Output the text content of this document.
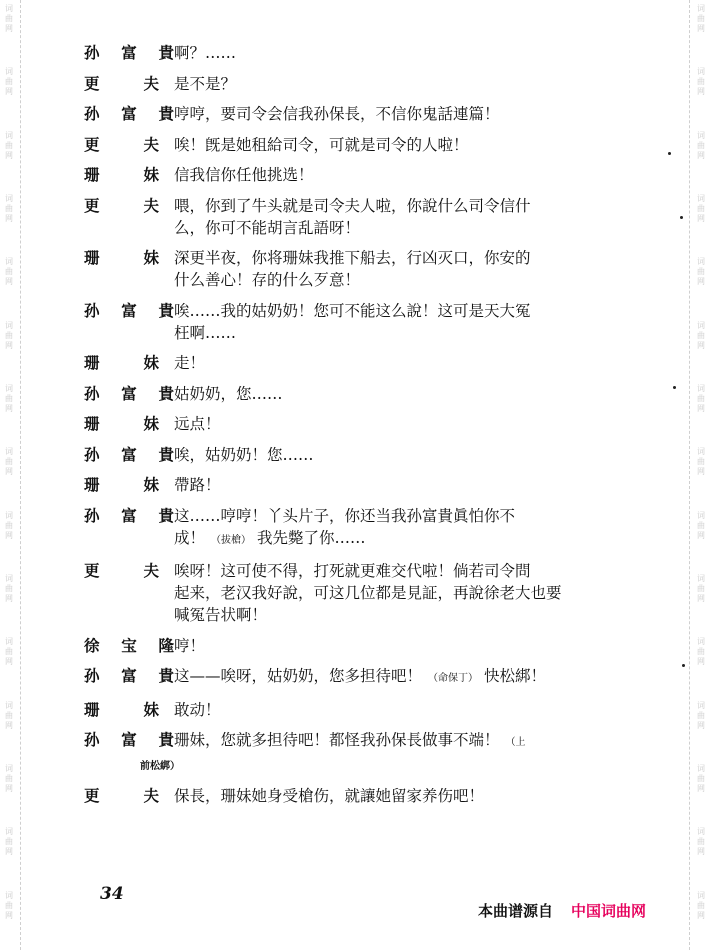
词
曲
网
词
曲
网
词
曲
网
词
曲
网
词
曲
网
词
曲
网
词
曲
网
词
曲
网
词
曲
网
词
曲
网
词
曲
网
词
曲
网
词
曲
网
词
曲
网
词
曲
网
词
曲
网
词
曲
网
词
曲
网
词
曲
网
词
曲
网
词
曲
网
词
曲
网
词
曲
网
词
曲
网
词
曲
网
词
曲
网
词
曲
网
词
曲
网
词
曲
网
词
曲
网
孙 富 貴 啊？……
更	夫 是不是？
孙 富 貴 哼哼，要司令会信我孙保長，不信你鬼話連篇！
更	夫 唉！旣是她租給司令，可就是司令的人啦！
珊	妹 信我信你任他挑选！
更	夫 喂，你到了牛头就是司令夫人啦，你說什么司令信什
么，你可不能胡言乱語呀！
珊	妹 深更半夜，你将珊妹我推下船去，行凶灭口，你安的
什么善心！存的什么歹意！
孙 富 貴 唉……我的姑奶奶！您可不能这么說！这可是天大冤
枉啊……
珊	妹 走！
孙 富 貴 姑奶奶，您……
珊	妹 远点！
孙 富 貴 唉，姑奶奶！您……
珊	妹 帶路！
孙 富 貴 这……哼哼！丫头片子，你还当我孙富貴眞怕你不
成！ （拔槍） 我先斃了你……
更	夫 唉呀！这可使不得，打死就更难交代啦！倘若司令問
起来，老汉我好說，可这几位都是見証，再說徐老大也要
喊冤告状啊！
徐 宝 隆 哼！
孙 富 貴 这——唉呀，姑奶奶，您多担待吧！ （命保丁） 快松綁！
珊	妹 敢动！
孙 富 貴 珊妹，您就多担待吧！都怪我孙保長做事不端！ （上
前松綁）
更	夫 保長，珊妹她身受槍伤，就讓她留家养伤吧！
34
本曲谱源自 中国词曲网
